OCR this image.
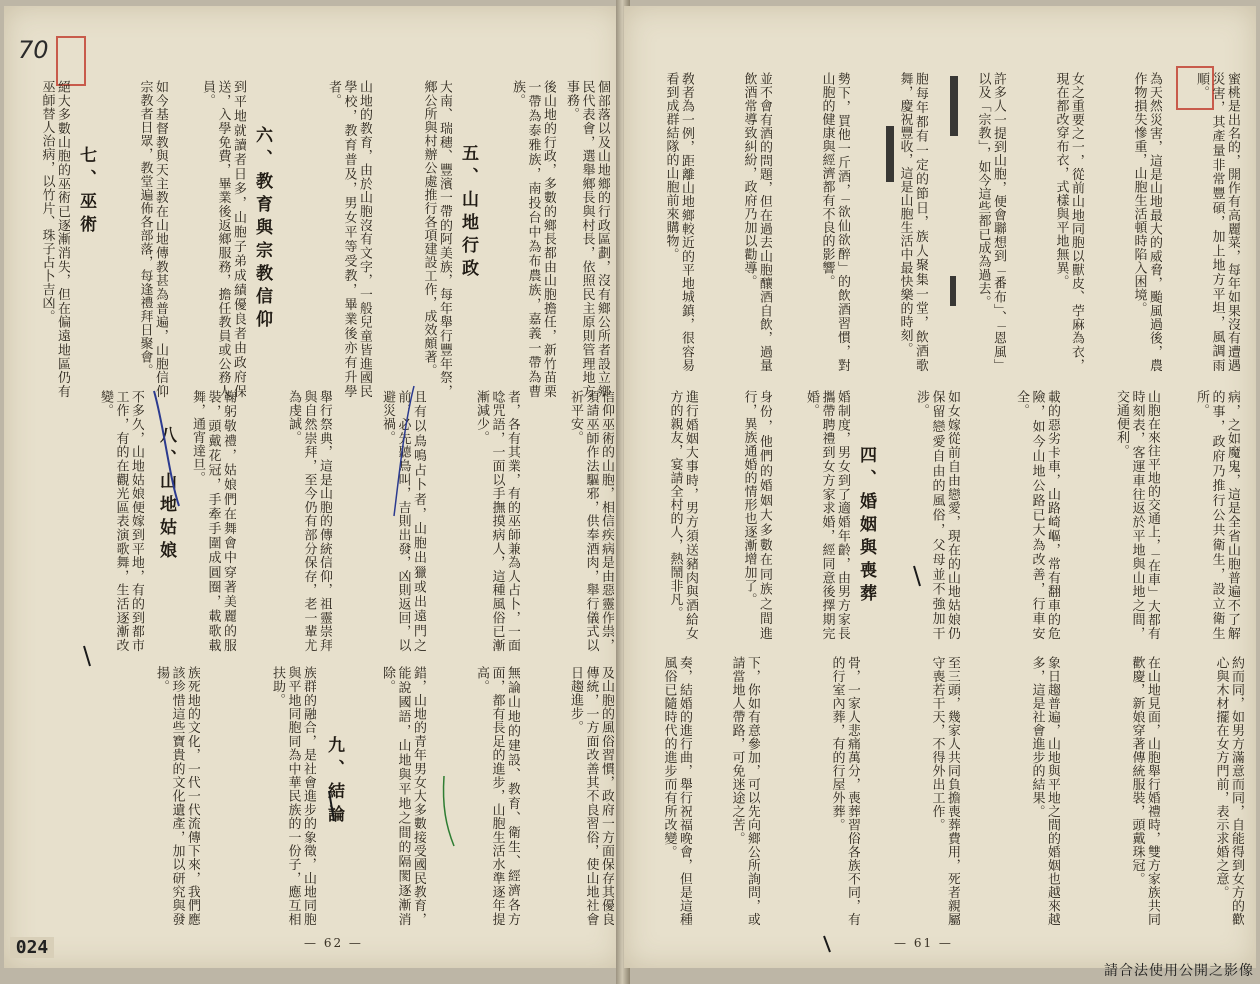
70
個部落以及山地鄉的行政區劃，沒有鄉公所者設立鄉民代表會，選舉鄉長與村長，依照民主原則管理地方事務。
後山地的行政，多數的鄉長都由山胞擔任，新竹苗栗一帶為泰雅族，南投台中為布農族，嘉義一帶為曹族。
五、山地行政
大南、瑞穗、豐濱一帶的阿美族，每年舉行豐年祭，鄉公所與村辦公處推行各項建設工作，成效頗著。
山地的教育，由於山胞沒有文字，一般兒童皆進國民學校，教育普及，男女平等受教，畢業後亦有升學者。
六、教育與宗教信仰
到平地就讀者日多，山胞子弟成績優良者由政府保送，入學免費，畢業後返鄉服務，擔任教員或公務人員。
如今基督教與天主教在山地傳教甚為普遍，山胞信仰宗教者日眾，教堂遍佈各部落，每逢禮拜日聚會。
七、巫術
絕大多數山胞的巫術已逐漸消失，但在偏遠地區仍有巫師替人治病，以竹片、珠子占卜吉凶。
信仰巫術的山胞，相信疾病是由惡靈作祟，須請巫師作法驅邪，供奉酒肉，舉行儀式以祈平安。
者，各有其業，有的巫師兼為人占卜，一面唸咒語，一面以手撫摸病人，這種風俗已漸漸減少。
且有以鳥鳴占卜者，山胞出獵或出遠門之前，必先聽鳥叫，吉則出發，凶則返回，以避災禍。
舉行祭典，這是山胞的傳統信仰，祖靈崇拜與自然崇拜，至今仍有部分保存，老一輩尤為虔誠。
八、山地姑娘	鞠躬敬禮，姑娘們在舞會中穿著美麗的服裝，頭戴花冠，手牽手圍成圓圈，載歌載舞，通宵達旦。
不多久，山地姑娘便嫁到平地，有的到都市工作，有的在觀光區表演歌舞，生活逐漸改變。
及山胞的風俗習慣，政府一方面保存其優良傳統，一方面改善其不良習俗，使山地社會日趨進步。
無論山地的建設、教育、衛生、經濟各方面，都有長足的進步，山胞生活水準逐年提高。
九、結論	錯，山地的青年男女大多數接受國民教育，能說國語，山地與平地之間的隔閡逐漸消除。
族群的融合，是社會進步的象徵，山地同胞與平地同胞同為中華民族的一份子，應互相扶助。
族死地的文化，一代一代流傳下來，我們應該珍惜這些寶貴的文化遺產，加以研究與發揚。
— 62 —
蜜桃是出名的，開作有高麗菜，每年如果沒有遭遇災害，其產量非常豐碩，加上地方平坦，風調雨順。
為天然災害，這是山地最大的威脅，颱風過後，農作物損失慘重，山胞生活頓時陷入困境。
女之重要之一，從前山地同胞以獸皮、苧麻為衣，現在都改穿布衣，式樣與平地無異。
許多人一提到山胞，便會聯想到「番布」、「恩風」以及「宗教」，如今這些都已成為過去。
胞每年都有一定的節日，族人聚集一堂，飲酒歌舞，慶祝豐收，這是山胞生活中最快樂的時刻。
勢下，買他一斤酒，「欲仙欲醉」的飲酒習慣，對山胞的健康與經濟都有不良的影響。
並不會有酒的問題，但在過去山胞釀酒自飲，過量飲酒常導致糾紛，政府乃加以勸導。
敎者為一例，距離山地鄉較近的平地城鎮，很容易看到成群結隊的山胞前來購物。
病，之如魔鬼，這是全省山胞普遍不了解的事，政府乃推行公共衛生，設立衛生所。
山胞在來往平地的交通上，「在車」大都有時刻表，客運車往返於平地與山地之間，交通便利。
載的惡劣卡車，山路崎嶇，常有翻車的危險，如今山地公路已大為改善，行車安全。
四、婚姻與喪葬	如女嫁從前自由戀愛，現在的山地姑娘仍保留戀愛自由的風俗，父母並不強加干涉。
婚制度，男女到了適婚年齡，由男方家長攜帶聘禮到女方家求婚，經同意後擇期完婚。
身份，他們的婚姻大多數在同族之間進行，異族通婚的情形也逐漸增加了。
進行婚姻大事時，男方須送豬肉與酒給女方的親友，宴請全村的人，熱鬧非凡。
約而同，如男方滿意而同，自能得到女方的歡心與木材擺在女方門前，表示求婚之意。
在山地見面，山胞舉行婚禮時，雙方家族共同歡慶，新娘穿著傳統服裝，頭戴珠冠。
象日趨普遍，山地與平地之間的婚姻也越來越多，這是社會進步的結果。
至三頭，幾家人共同負擔喪葬費用，死者親屬守喪若干天，不得外出工作。
骨，一家人悲痛萬分，喪葬習俗各族不同，有的行室內葬，有的行屋外葬。
下，你如有意參加，可以先向鄉公所詢問，或請當地人帶路，可免迷途之苦。
奏，結婚的進行曲，舉行祝福晚會，但是這種風俗已隨時代的進步而有所改變。
— 61 —
024
請合法使用公開之影像
